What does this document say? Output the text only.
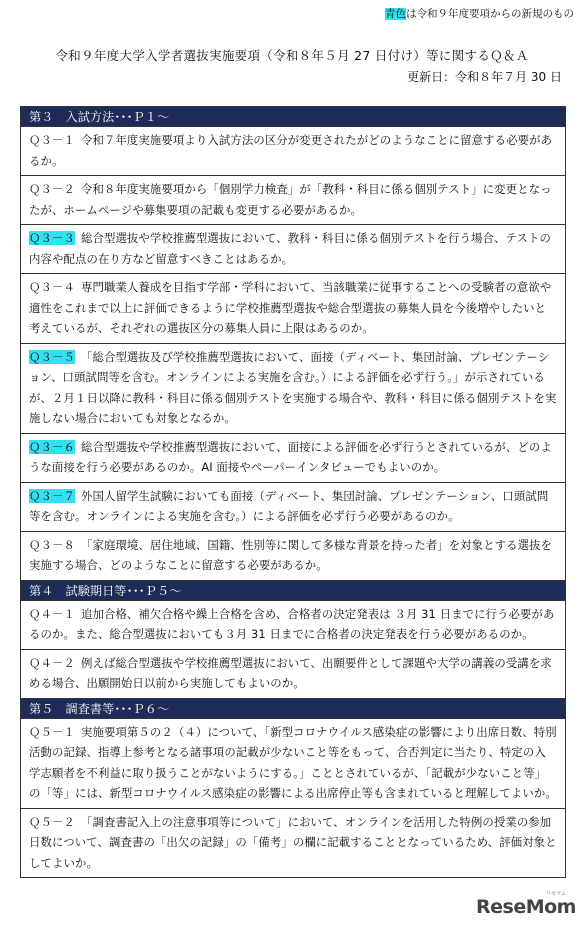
青色は令和９年度要項からの新規のもの
令和９年度大学入学者選抜実施要項（令和８年５月 27 日付け）等に関するＱ＆Ａ
更新日：令和８年７月 30 日
第３　入試方法･･･Ｐ１～
Ｑ３－１ 令和７年度実施要項より入試方法の区分が変更されたがどのようなことに留意する必要があるか。
Ｑ３－２ 令和８年度実施要項から「個別学力検査」が「教科・科目に係る個別テスト」に変更となったが、ホームページや募集要項の記載も変更する必要があるか。
Ｑ３－３ 総合型選抜や学校推薦型選抜において、教科・科目に係る個別テストを行う場合、テストの内容や配点の在り方など留意すべきことはあるか。
Ｑ３－４ 専門職業人養成を目指す学部・学科において、当該職業に従事することへの受験者の意欲や適性をこれまで以上に評価できるように学校推薦型選抜や総合型選抜の募集人員を今後増やしたいと考えているが、それぞれの選抜区分の募集人員に上限はあるのか。
Ｑ３－５ 「総合型選抜及び学校推薦型選抜において、面接（ディベート、集団討論、プレゼンテーション、口頭試問等を含む。オンラインによる実施を含む。）による評価を必ず行う。」が示されているが、２月１日以降に教科・科目に係る個別テストを実施する場合や、教科・科目に係る個別テストを実施しない場合においても対象となるか。
Ｑ３－６ 総合型選抜や学校推薦型選抜において、面接による評価を必ず行うとされているが、どのような面接を行う必要があるのか。AI 面接やペーパーインタビューでもよいのか。
Ｑ３－７ 外国人留学生試験においても面接（ディベート、集団討論、プレゼンテーション、口頭試問等を含む。オンラインによる実施を含む。）による評価を必ず行う必要があるのか。
Ｑ３－８ 「家庭環境、居住地域、国籍、性別等に関して多様な背景を持った者」を対象とする選抜を実施する場合、どのようなことに留意する必要があるか。
第４　試験期日等･･･Ｐ５～
Ｑ４－１ 追加合格、補欠合格や繰上合格を含め、合格者の決定発表は ３月 31 日までに行う必要があるのか。また、総合型選抜においても３月 31 日までに合格者の決定発表を行う必要があるのか。
Ｑ４－２ 例えば総合型選抜や学校推薦型選抜において、出願要件として課題や大学の講義の受講を求める場合、出願開始日以前から実施してもよいのか。
第５　調査書等･･･Ｐ６～
Ｑ５－１ 実施要項第５の２（４）について、「新型コロナウイルス感染症の影響により出席日数、特別活動の記録、指導上参考となる諸事項の記載が少ないこと等をもって、合否判定に当たり、特定の入学志願者を不利益に取り扱うことがないようにする。」こととされているが、「記載が少ないこと等」の「等」には、新型コロナウイルス感染症の影響による出席停止等も含まれていると理解してよいか。
Ｑ５－２ 「調査書記入上の注意事項等について」において、オンラインを活用した特例の授業の参加日数について、調査書の「出欠の記録」の「備考」の欄に記載することとなっているため、評価対象としてよいか。
ReseMom
リセマム
